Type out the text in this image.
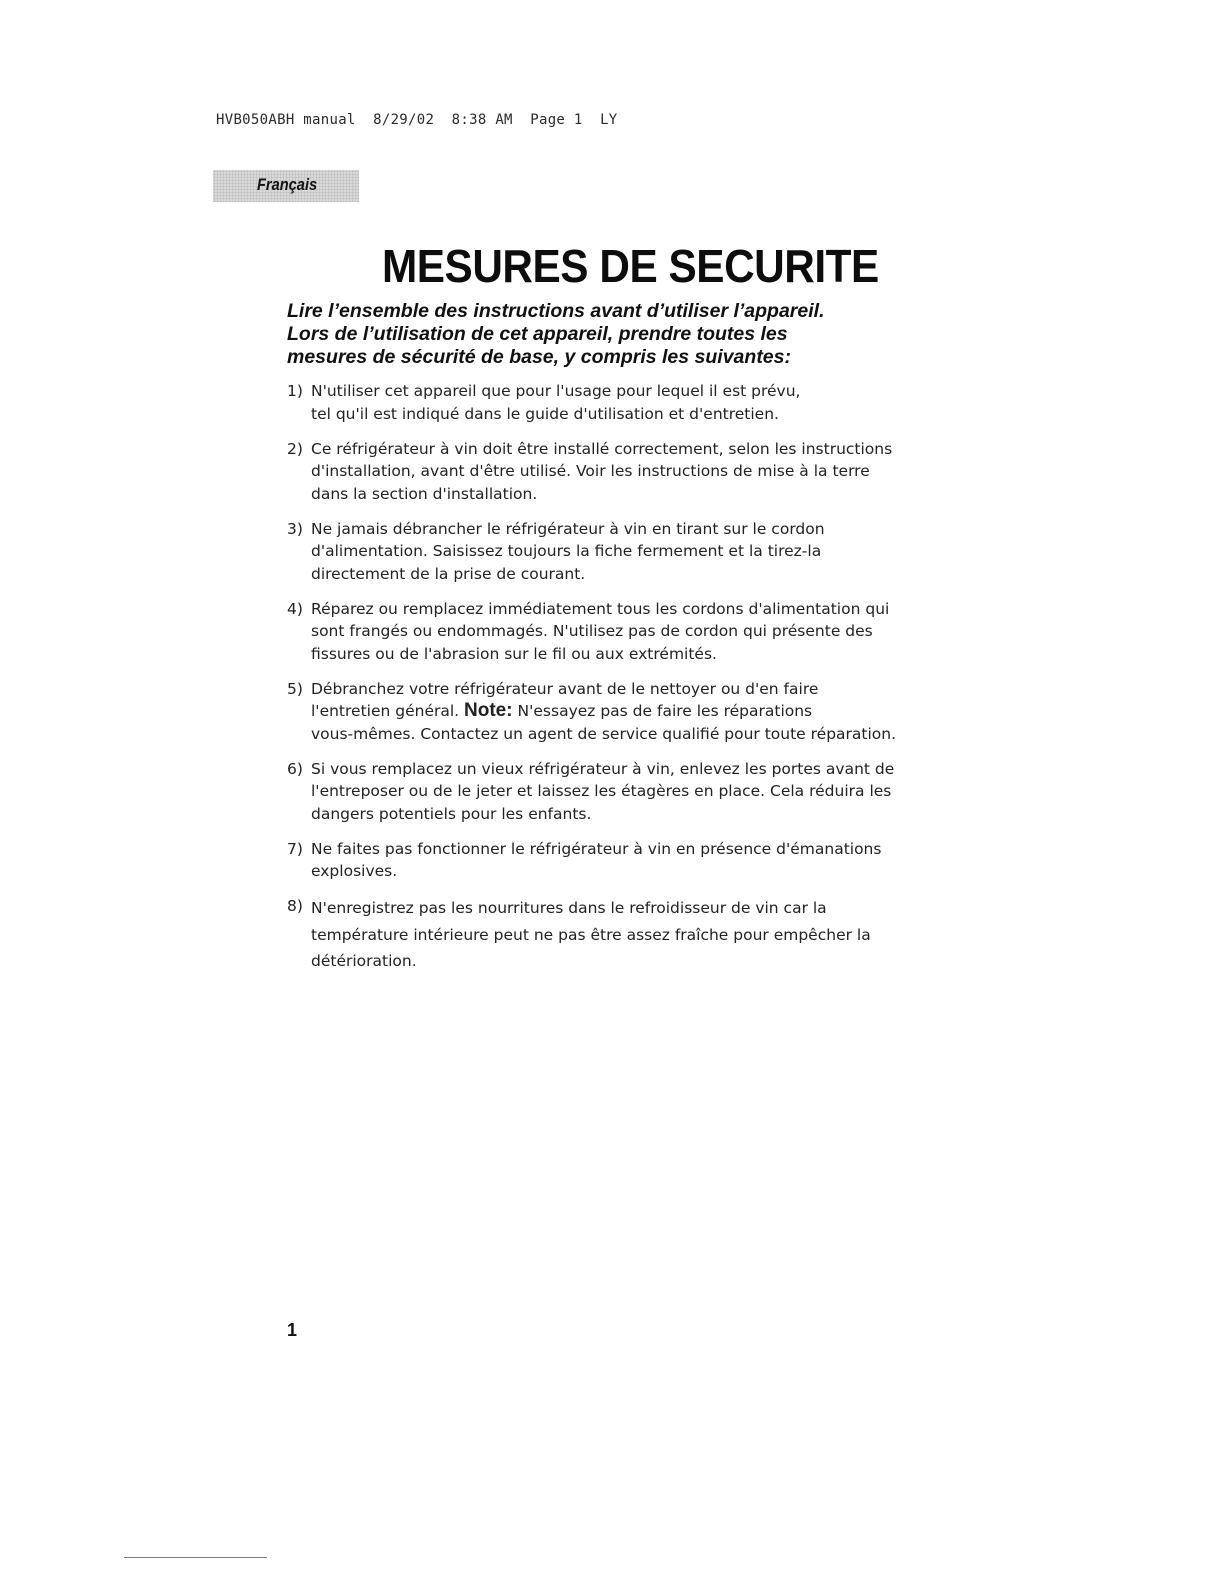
HVB050ABH manual  8/29/02  8:38 AM  Page 1  LY
Français
MESURES DE SECURITE
Lire l’ensemble des instructions avant d’utiliser l’appareil.
Lors de l’utilisation de cet appareil, prendre toutes les
mesures de sécurité de base, y compris les suivantes:
1) N'utiliser cet appareil que pour l'usage pour lequel il est prévu,
tel qu'il est indiqué dans le guide d'utilisation et d'entretien.
2) Ce réfrigérateur à vin doit être installé correctement, selon les instructions
d'installation, avant d'être utilisé. Voir les instructions de mise à la terre
dans la section d'installation.
3) Ne jamais débrancher le réfrigérateur à vin en tirant sur le cordon
d'alimentation. Saisissez toujours la fiche fermement et la tirez-la
directement de la prise de courant.
4) Réparez ou remplacez immédiatement tous les cordons d'alimentation qui
sont frangés ou endommagés. N'utilisez pas de cordon qui présente des
fissures ou de l'abrasion sur le fil ou aux extrémités.
5) Débranchez votre réfrigérateur avant de le nettoyer ou d'en faire
l'entretien général. Note: N'essayez pas de faire les réparations
vous-mêmes. Contactez un agent de service qualifié pour toute réparation.
6) Si vous remplacez un vieux réfrigérateur à vin, enlevez les portes avant de
l'entreposer ou de le jeter et laissez les étagères en place. Cela réduira les
dangers potentiels pour les enfants.
7) Ne faites pas fonctionner le réfrigérateur à vin en présence d'émanations
explosives.
8) N'enregistrez pas les nourritures dans le refroidisseur de vin car la
température intérieure peut ne pas être assez fraîche pour empêcher la
détérioration.
1
